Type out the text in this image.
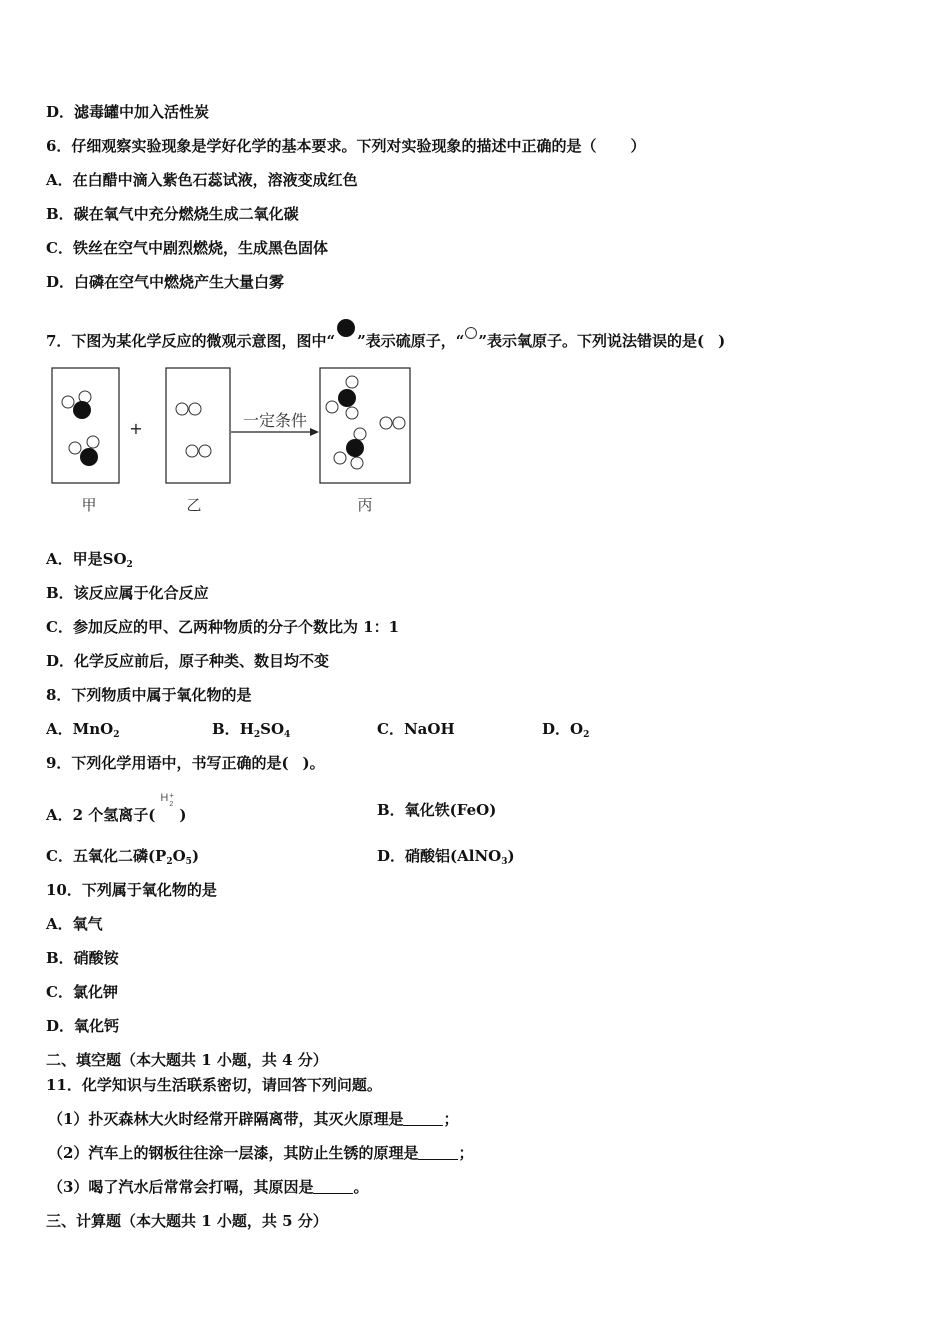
D．滤毒罐中加入活性炭
6．仔细观察实验现象是学好化学的基本要求。下列对实验现象的描述中正确的是（ ）
A．在白醋中滴入紫色石蕊试液，溶液变成红色
B．碳在氧气中充分燃烧生成二氧化碳
C．铁丝在空气中剧烈燃烧，生成黑色固体
D．白磷在空气中燃烧产生大量白雾
7．下图为某化学反应的微观示意图，图中“ ”表示硫原子，“ ”表示氧原子。下列说法错误的是( )
+	一定条件
甲	乙	丙
A．甲是$SO_2$
B．该反应属于化合反应
C．参加反应的甲、乙两种物质的分子个数比为 1：1
D．化学反应前后，原子种类、数目均不变
8．下列物质中属于氧化物的是
A．MnO$_2$	B．$H_2SO_4$	C．NaOH	D．$O_2$
9．下列化学用语中，书写正确的是( )。
A．2 个氢离子(
H +
2
)	B．氧化铁(FeO)
C．五氧化二磷$(P_2O_5)$	D．硝酸铝(AlNO$_3$)
10．下列属于氧化物的是
A．氧气
B．硝酸铵
C．氯化钾
D．氧化钙
二、填空题（本大题共 1 小题，共 4 分）
11．化学知识与生活联系密切，请回答下列问题。
（1）扑灭森林大火时经常开辟隔离带，其灭火原理是	；
（2）汽车上的钢板往往涂一层漆，其防止生锈的原理是	；
（3）喝了汽水后常常会打嗝，其原因是	。
三、计算题（本大题共 1 小题，共 5 分）
